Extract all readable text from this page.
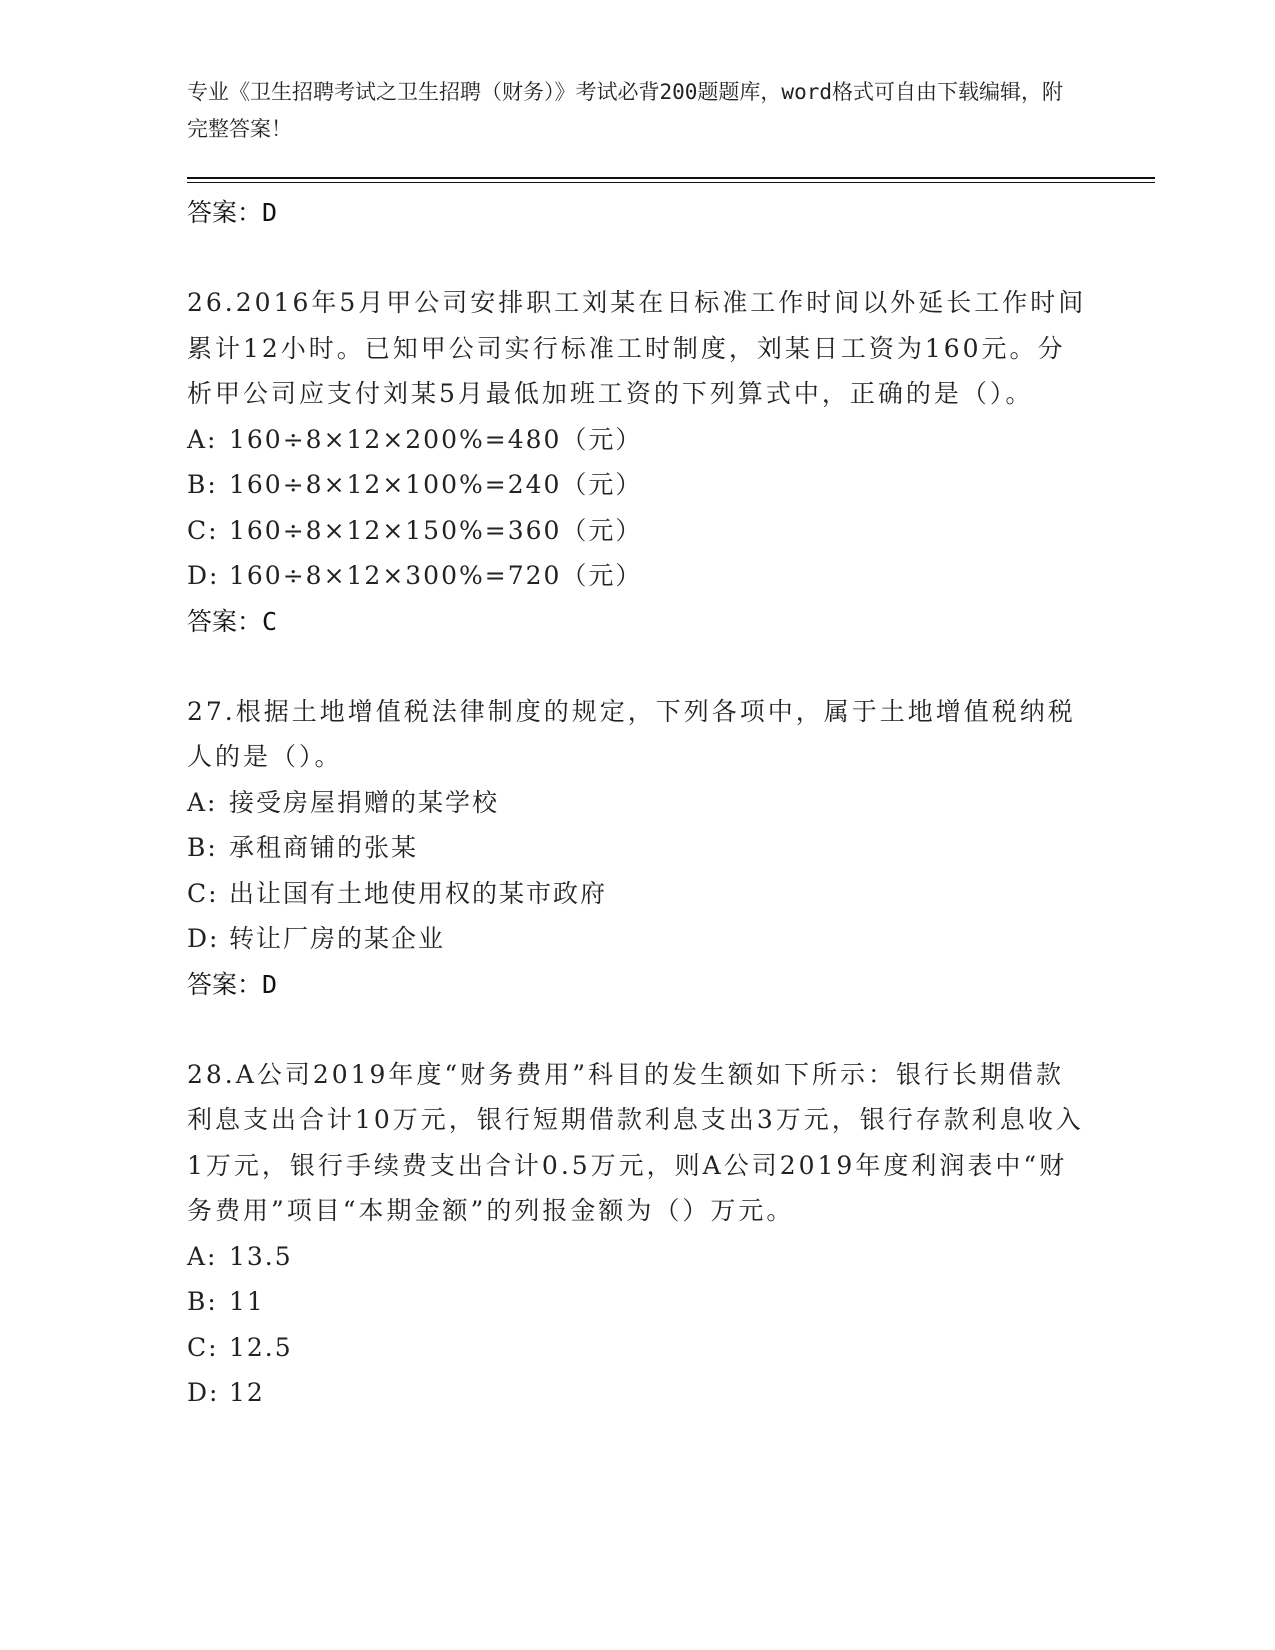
专业《卫生招聘考试之卫生招聘（财务）》考试必背200题题库，word格式可自由下载编辑，附完整答案！
答案：D
26.2016年5月甲公司安排职工刘某在日标准工作时间以外延长工作时间累计12小时。已知甲公司实行标准工时制度，刘某日工资为160元。分析甲公司应支付刘某5月最低加班工资的下列算式中，正确的是（）。
A: 160÷8×12×200%=480（元）
B: 160÷8×12×100%=240（元）
C: 160÷8×12×150%=360（元）
D: 160÷8×12×300%=720（元）
答案：C
27.根据土地增值税法律制度的规定，下列各项中，属于土地增值税纳税人的是（）。
A: 接受房屋捐赠的某学校
B: 承租商铺的张某
C: 出让国有土地使用权的某市政府
D: 转让厂房的某企业
答案：D
28.A公司2019年度“财务费用”科目的发生额如下所示：银行长期借款利息支出合计10万元，银行短期借款利息支出3万元，银行存款利息收入1万元，银行手续费支出合计0.5万元，则A公司2019年度利润表中“财务费用”项目“本期金额”的列报金额为（）万元。
A: 13.5
B: 11
C: 12.5
D: 12
